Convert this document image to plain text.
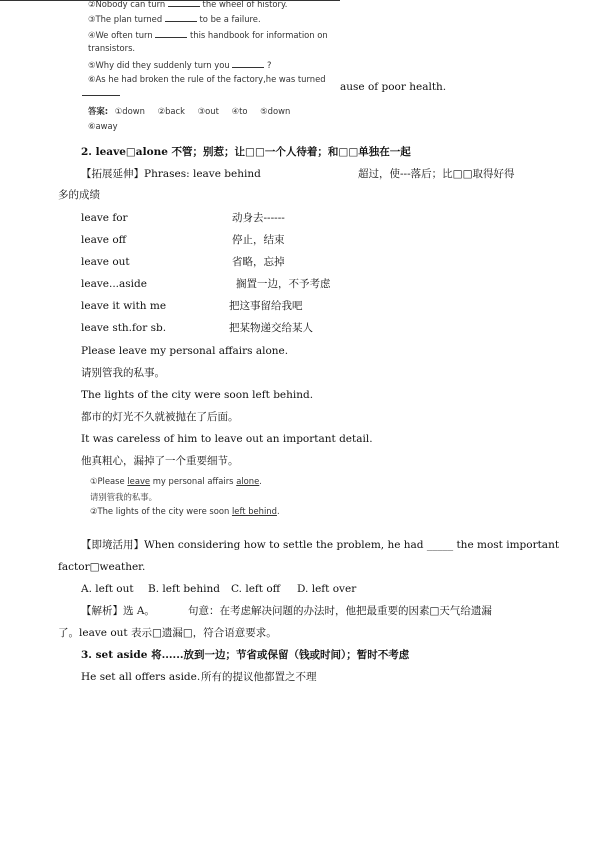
②Nobody can turn	the wheel of history.
③The plan turned	to be a failure.
④We often turn	this handbook for information on
transistors.
⑤Why did they suddenly turn you	?
⑥As he had broken the rule of the factory,he was turned
ause of poor health.
答案: ①down ②back ③out ④to ⑤down
⑥away
2. leave□alone 不管；别惹；让□□一个人待着；和□□单独在一起
【拓展延伸】Phrases: leave behind	超过，使---落后；比□□取得好得
多的成绩
leave for	动身去------
leave off	停止，结束
leave out	省略，忘掉
leave...aside	搁置一边，不予考虑
leave it with me	把这事留给我吧
leave sth.for sb.	把某物递交给某人
Please leave my personal affairs alone.
请别管我的私事。
The lights of the city were soon left behind.
都市的灯光不久就被抛在了后面。
It was careless of him to leave out an important detail.
他真粗心，漏掉了一个重要细节。
①Please leave my personal affairs alone.
请别管我的私事。
②The lights of the city were soon left behind.
【即境活用】When considering how to settle the problem, he had _____ the most important
factor□weather.
A. left out B. left behind C. left off D. left over
【解析】选 A。	句意：在考虑解决问题的办法时，他把最重要的因素□天气给遗漏
了。leave out 表示□遗漏□，符合语意要求。
3. set aside 将......放到一边；节省或保留（钱或时间）；暂时不考虑
He set all offers aside. 所有的提议他都置之不理
